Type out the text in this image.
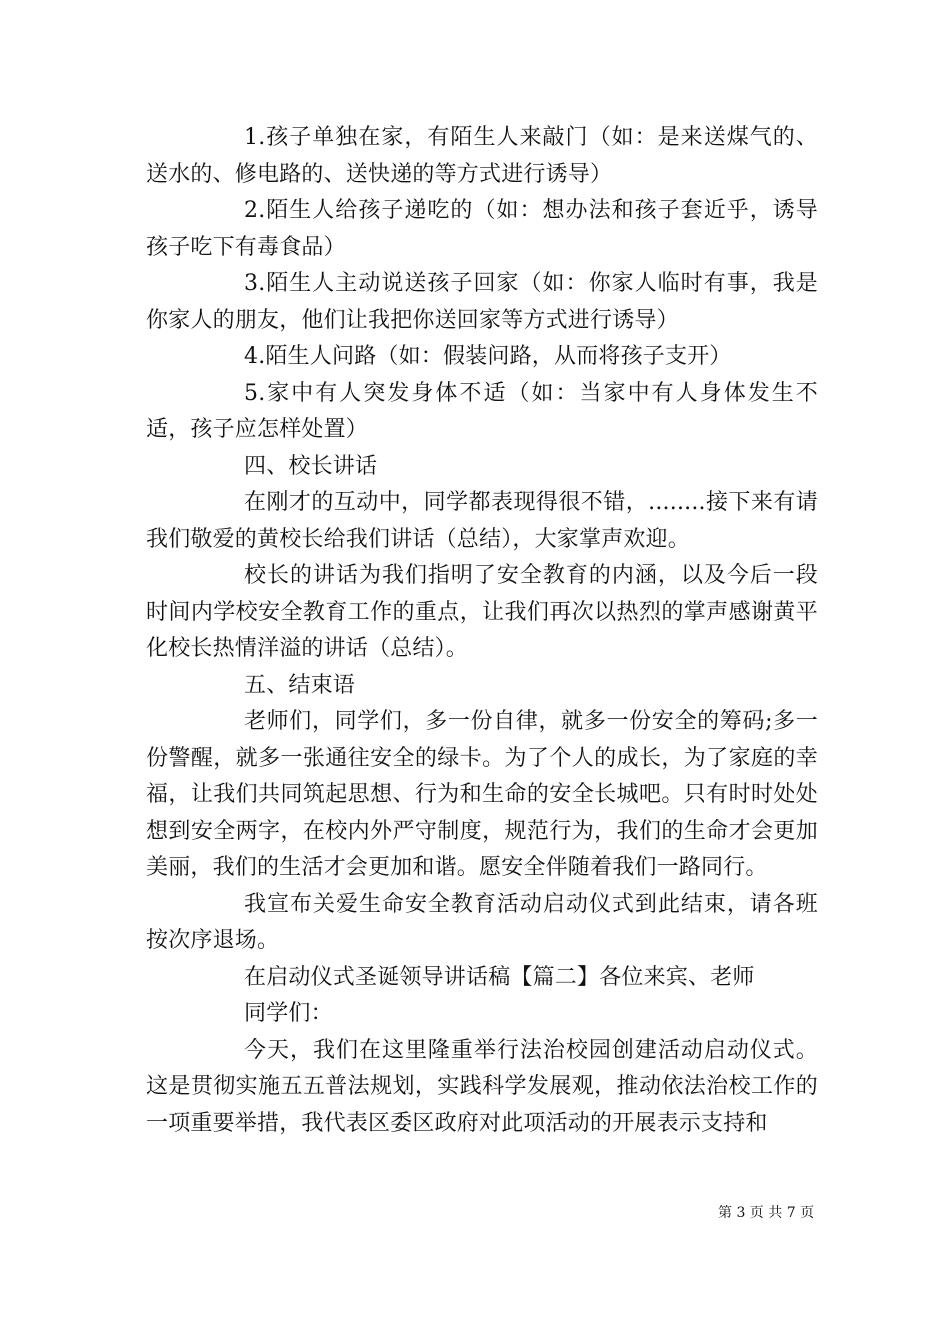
1.孩子单独在家，有陌生人来敲门（如：是来送煤气的、送水的、修电路的、送快递的等方式进行诱导）

2.陌生人给孩子递吃的（如：想办法和孩子套近乎，诱导孩子吃下有毒食品）

3.陌生人主动说送孩子回家（如：你家人临时有事，我是你家人的朋友，他们让我把你送回家等方式进行诱导）

4.陌生人问路（如：假装问路，从而将孩子支开）

5.家中有人突发身体不适（如：当家中有人身体发生不适，孩子应怎样处置）

四、校长讲话

在刚才的互动中，同学都表现得很不错，........接下来有请我们敬爱的黄校长给我们讲话（总结），大家掌声欢迎。

校长的讲话为我们指明了安全教育的内涵，以及今后一段时间内学校安全教育工作的重点，让我们再次以热烈的掌声感谢黄平化校长热情洋溢的讲话（总结）。

五、结束语

老师们，同学们，多一份自律，就多一份安全的筹码;多一份警醒，就多一张通往安全的绿卡。为了个人的成长，为了家庭的幸福，让我们共同筑起思想、行为和生命的安全长城吧。只有时时处处想到安全两字，在校内外严守制度，规范行为，我们的生命才会更加美丽，我们的生活才会更加和谐。愿安全伴随着我们一路同行。

我宣布关爱生命安全教育活动启动仪式到此结束，请各班按次序退场。

在启动仪式圣诞领导讲话稿【篇二】各位来宾、老师

同学们：

今天，我们在这里隆重举行法治校园创建活动启动仪式。这是贯彻实施五五普法规划，实践科学发展观，推动依法治校工作的一项重要举措，我代表区委区政府对此项活动的开展表示支持和

第 3 页 共 7 页
